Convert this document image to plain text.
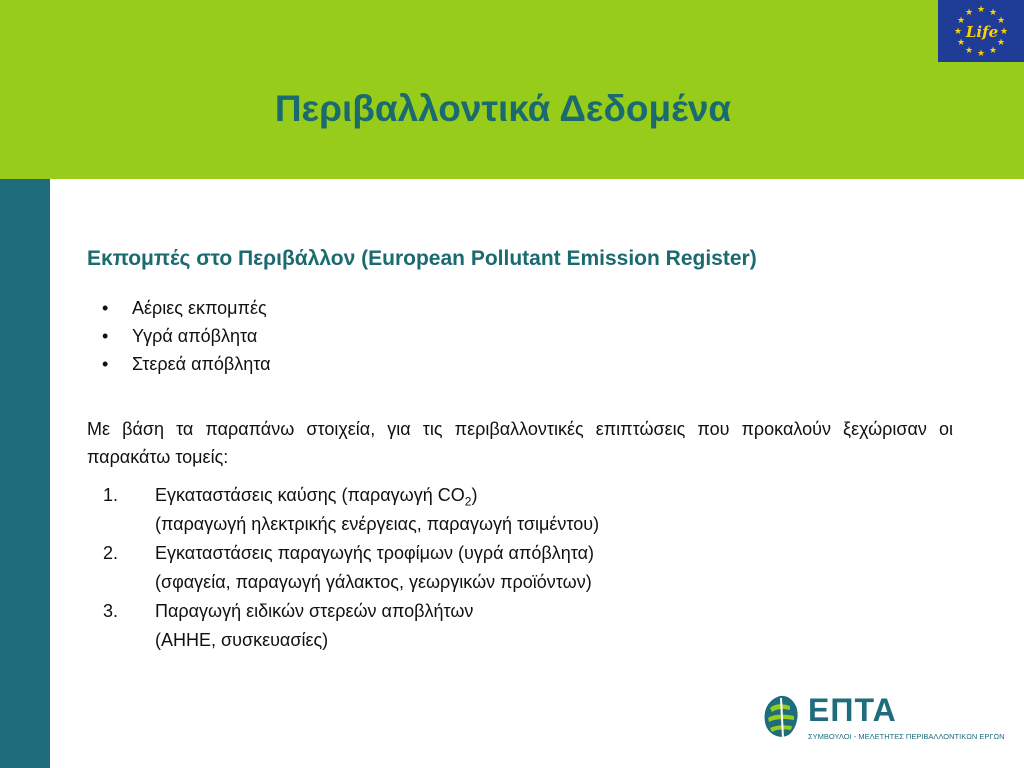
Περιβαλλοντικά Δεδομένα
★ ★
★
★
★
★
★
★
★
★
★
★
Life
Εκπομπές στο Περιβάλλον (European Pollutant Emission Register)
• Αέριες εκπομπές
• Υγρά απόβλητα
• Στερεά απόβλητα
Με βάση τα παραπάνω στοιχεία, για τις περιβαλλοντικές επιπτώσεις που προκαλούν ξεχώρισαν οι παρακάτω τομείς:
1. Εγκαταστάσεις καύσης (παραγωγή $CO_2$)
(παραγωγή ηλεκτρικής ενέργειας, παραγωγή τσιμέντου)
2. Εγκαταστάσεις παραγωγής τροφίμων (υγρά απόβλητα)
(σφαγεία, παραγωγή γάλακτος, γεωργικών προϊόντων)
3. Παραγωγή ειδικών στερεών αποβλήτων
(ΑΗΗΕ, συσκευασίες)
ΕΠΤΑ
ΣΥΜΒΟΥΛΟΙ - ΜΕΛΕΤΗΤΕΣ ΠΕΡΙΒΑΛΛΟΝΤΙΚΩΝ ΕΡΓΩΝ
